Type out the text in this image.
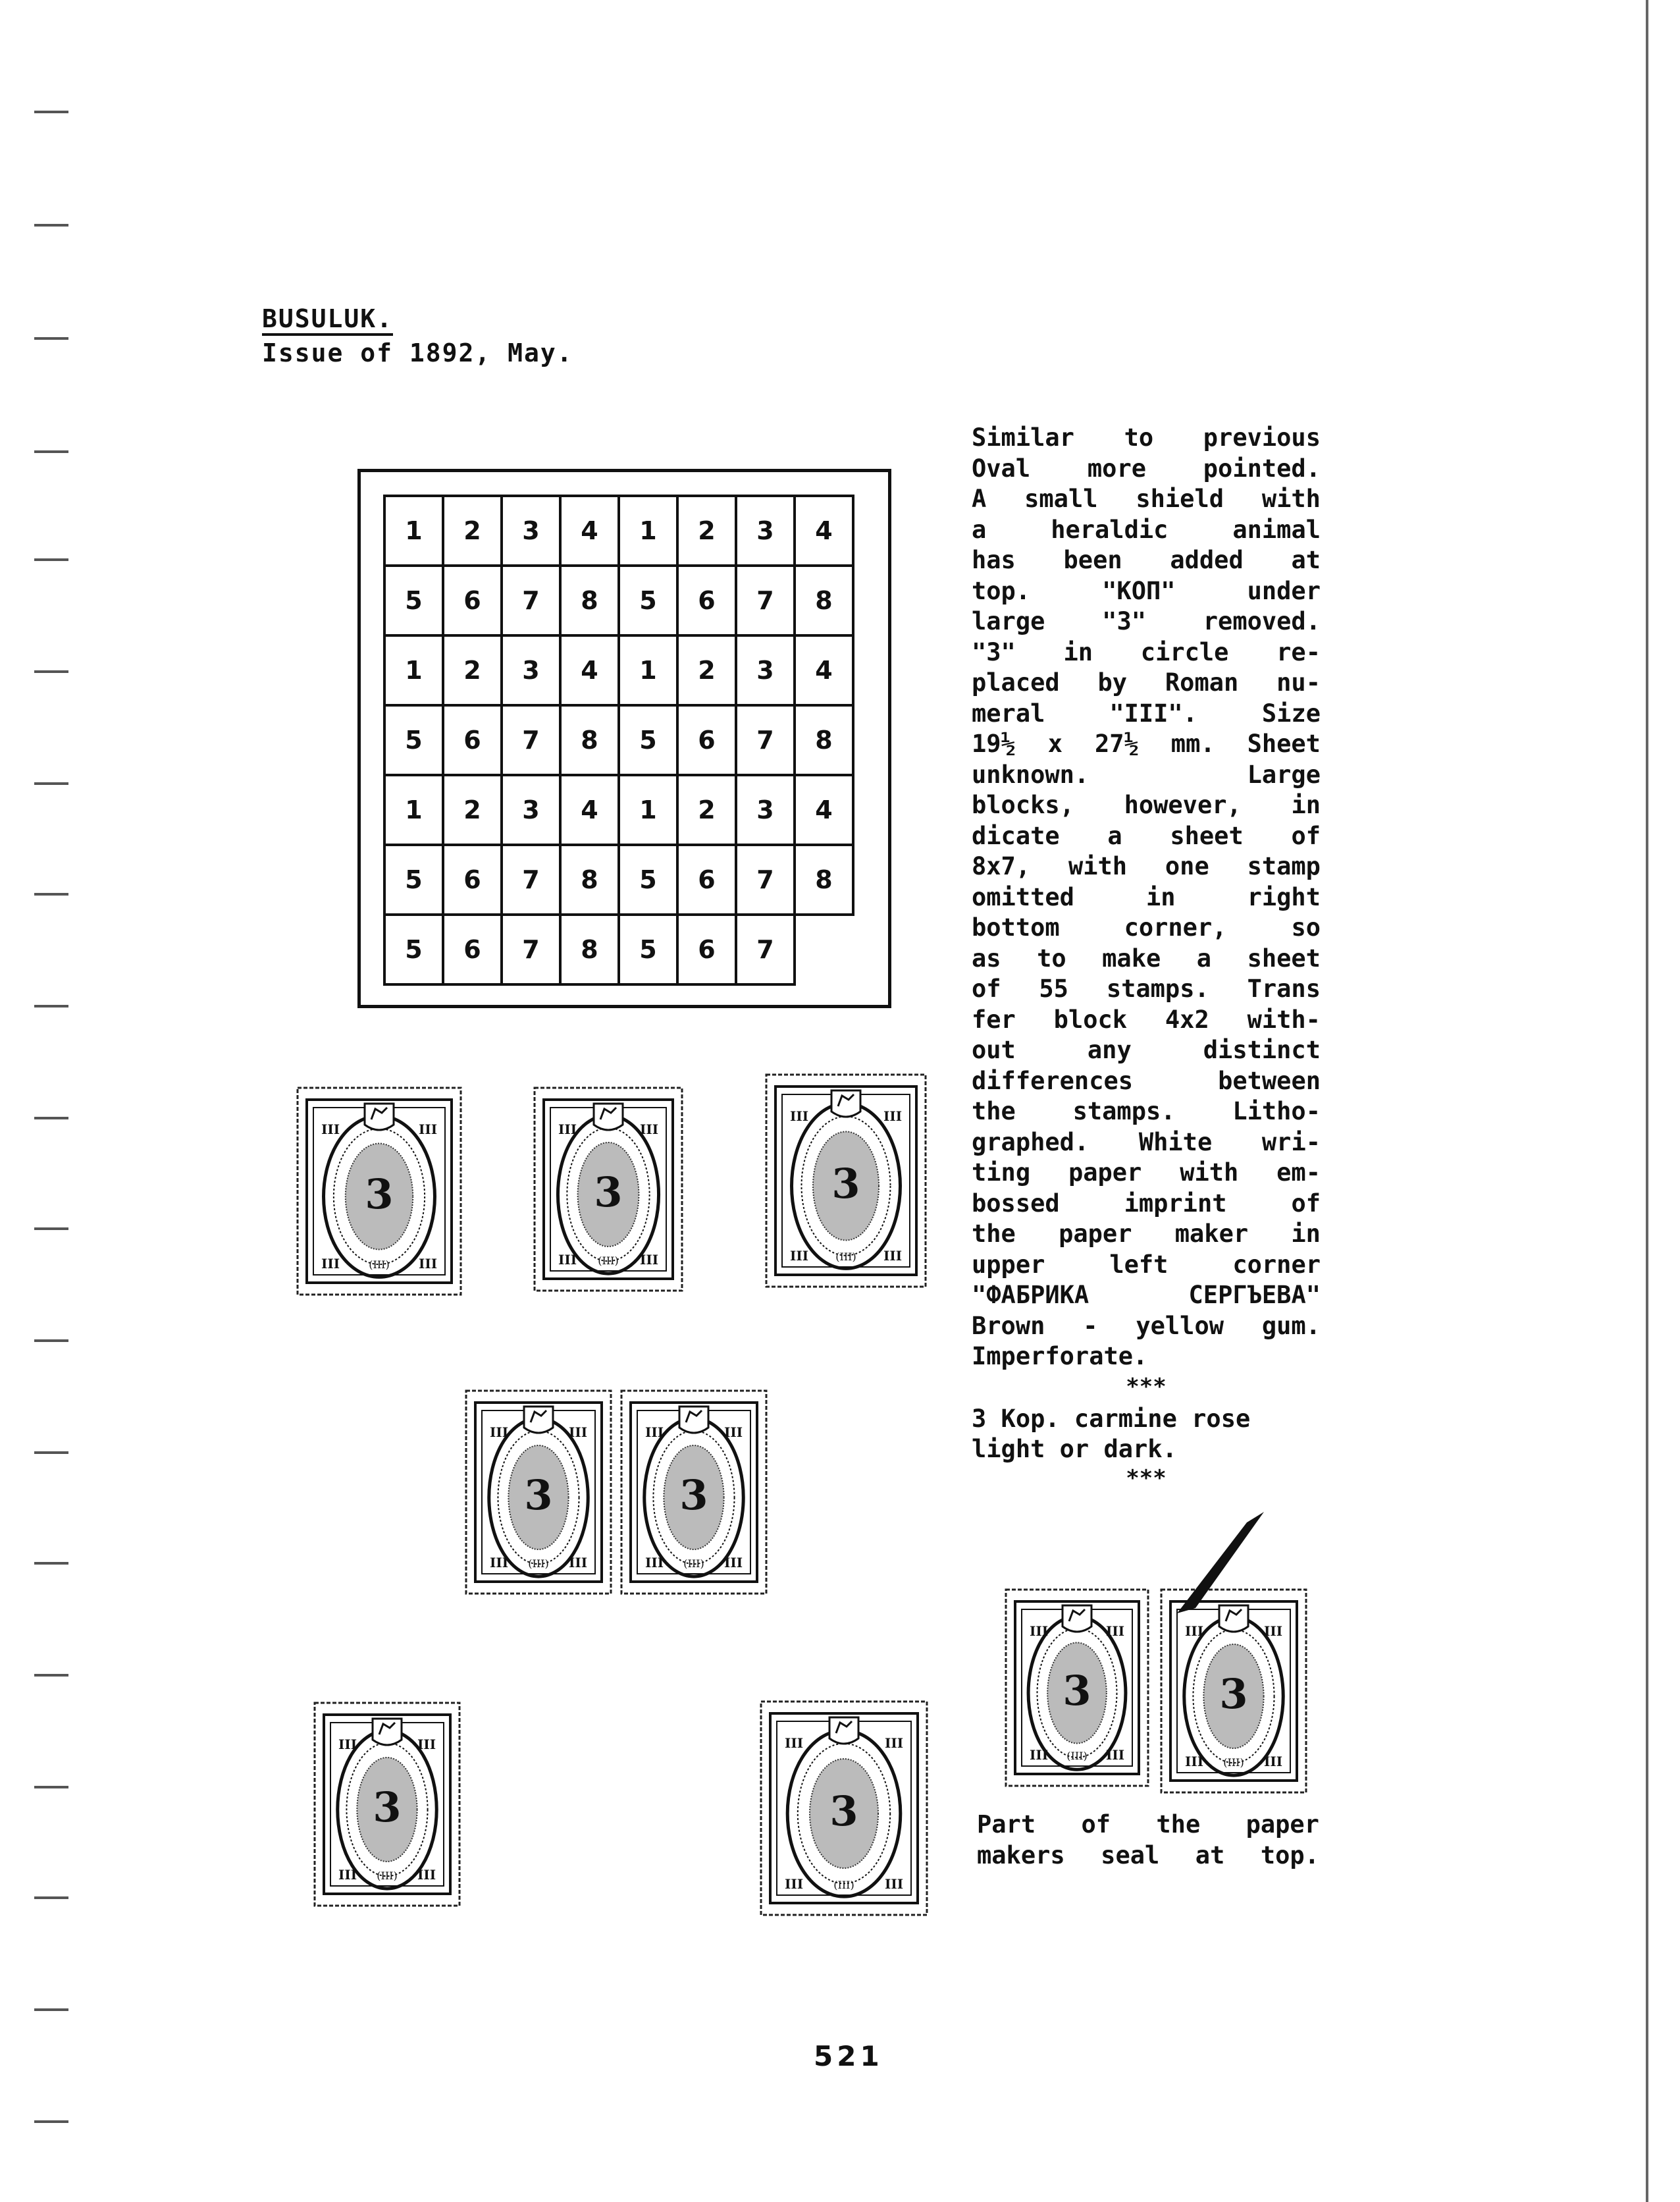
BUSULUK.
Issue of 1892, May.
1	2	3	4	1	2	3	4
5	6	7	8	5	6	7	8
1	2	3	4	1	2	3	4
5	6	7	8	5	6	7	8
1	2	3	4	1	2	3	4
5	6	7	8	5	6	7	8
5	6	7	8	5	6	7
Similar to previous
Oval more pointed.
A small shield with
a	heraldic	animal
has been added at
top.	"КОП"	under
large "3" removed.
"3" in circle re-
placed by Roman nu-
meral	"III".	Size
19½ x 27½ mm. Sheet
unknown.	Large
blocks, however, in
dicate a sheet of
8x7, with one stamp
omitted	in	right
bottom	corner,	so
as to make a sheet
of 55 stamps. Trans
fer block 4x2 with-
out	any	distinct
differences	between
the stamps. Litho-
graphed. White wri-
ting paper with em-
bossed	imprint	of
the paper maker in
upper	left	corner
"ФАБРИКА	СЕРГЪЕВА"
Brown - yellow gum.
Imperforate.
***
3 Kop. carmine rose
light or dark.
***
3
III	III
III	III
(III)
3
III	III
III	III
(III)
3
III	III
III	III
(III)
3
III	III
III	III
(III)
3
III	III
III	III
(III)
3
III	III
III	III
(III)
3
III	III
III	III
(III)
3
III	III
III	III
(III)
3
III	III
III	III
(III)
Part of the paper
makers seal at top.
521
